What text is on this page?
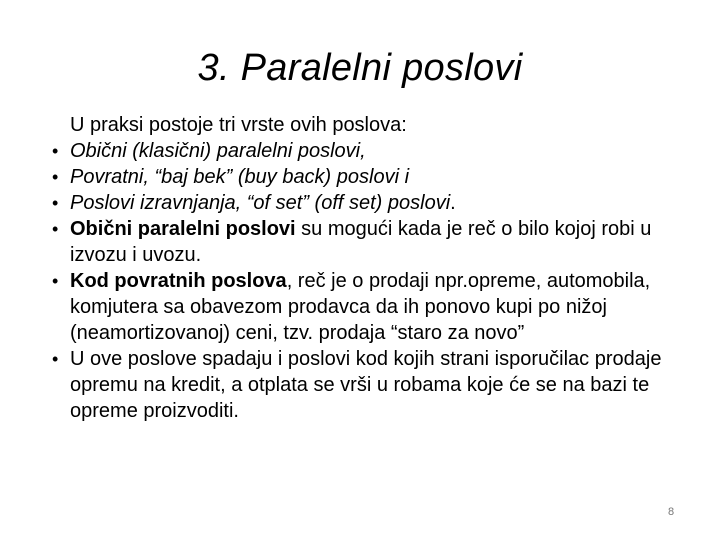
3. Paralelni poslovi
U praksi postoje tri vrste ovih poslova:
• Obični (klasični) paralelni poslovi,
• Povratni, “baj bek” (buy back) poslovi i
• Poslovi izravnjanja, “of set” (off set) poslovi.
• Obični paralelni poslovi su mogući kada je reč o bilo kojoj robi u izvozu i uvozu.
• Kod povratnih poslova, reč je o prodaji npr.opreme, automobila, komjutera sa obavezom prodavca da ih ponovo kupi po nižoj (neamortizovanoj) ceni, tzv. prodaja “staro za novo”
• U ove poslove spadaju i poslovi kod kojih strani isporučilac prodaje opremu na kredit, a otplata se vrši u robama koje će se na bazi te opreme proizvoditi.
8
